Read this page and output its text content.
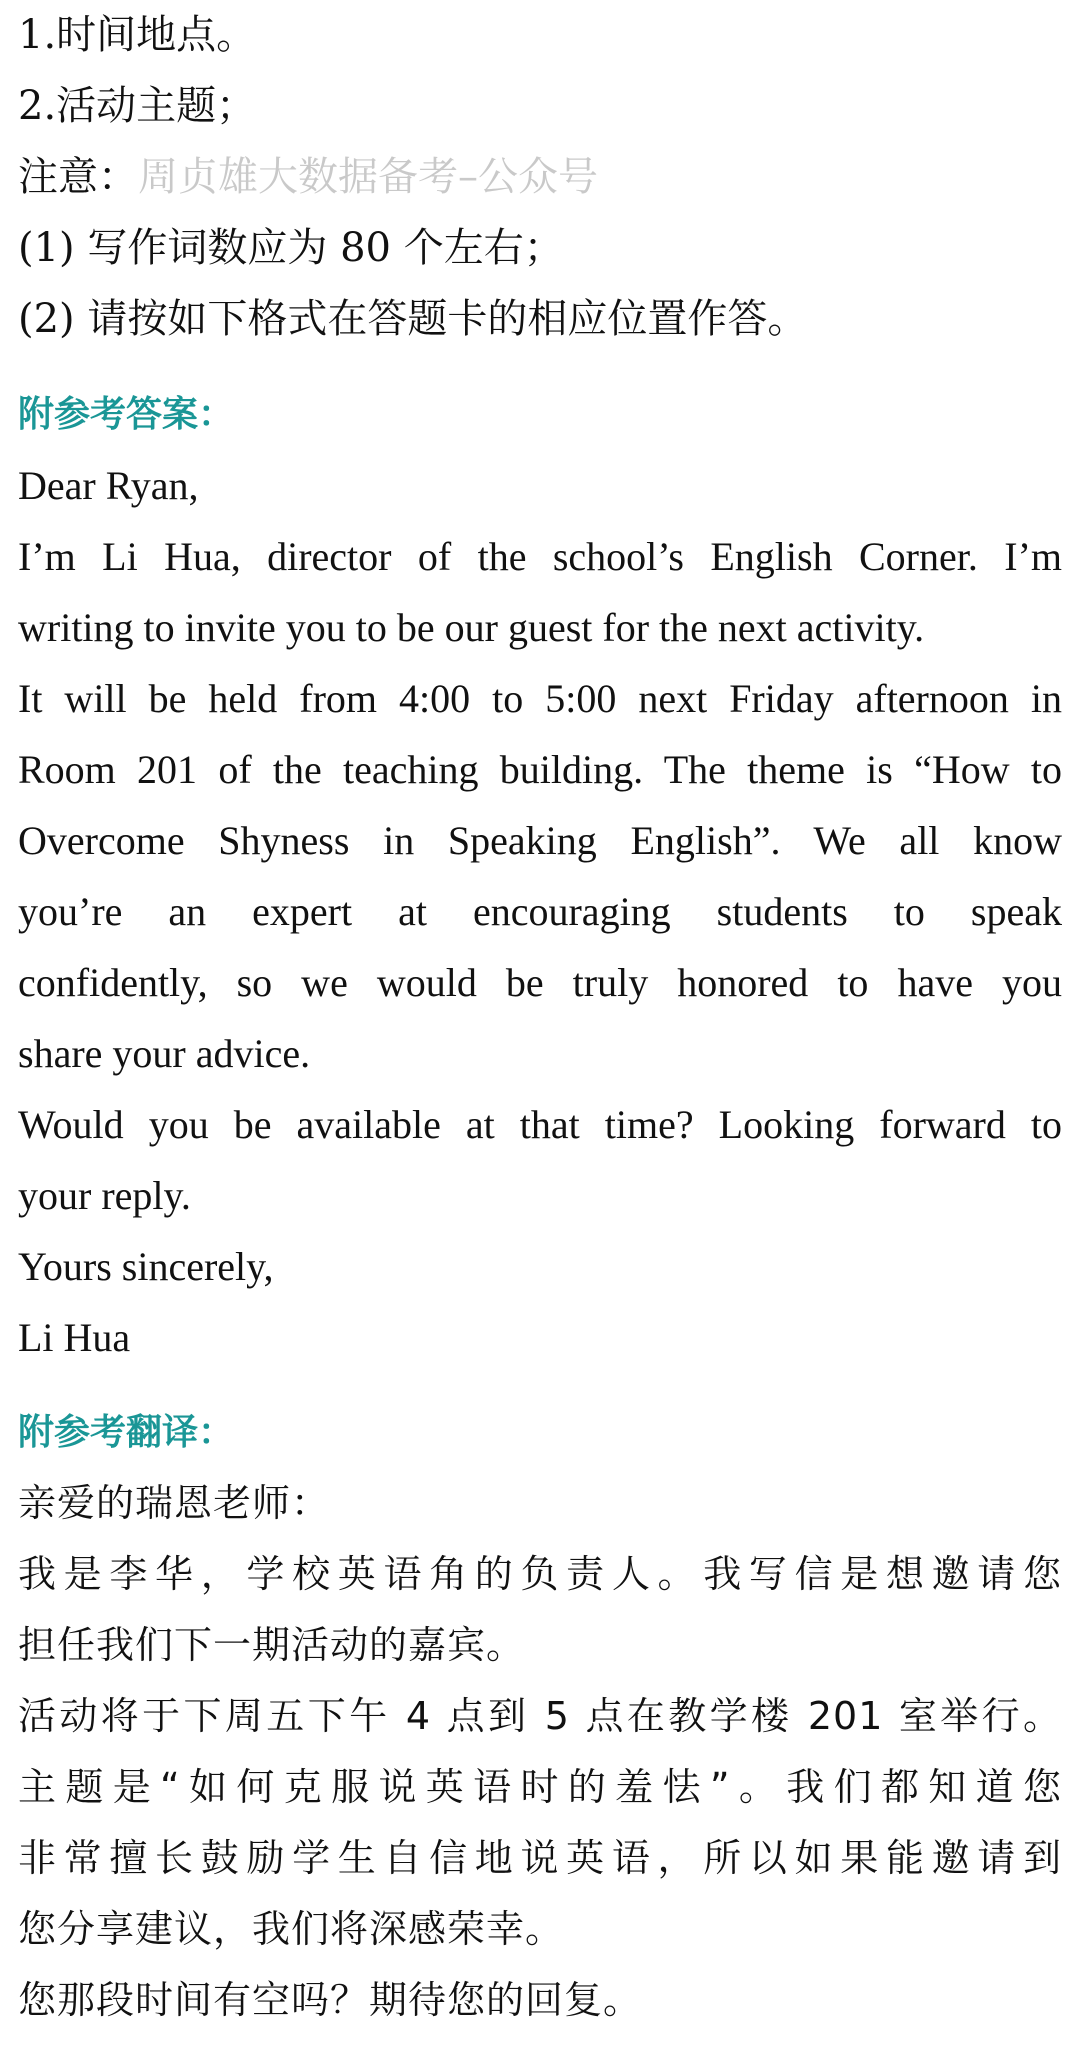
1.时间地点。
2.活动主题；
注意：周贞雄大数据备考–公众号
(1) 写作词数应为 80 个左右；
(2) 请按如下格式在答题卡的相应位置作答。
附参考答案：
Dear Ryan,
I’m Li Hua, director of the school’s English Corner. I’m
writing to invite you to be our guest for the next activity.
It will be held from 4:00 to 5:00 next Friday afternoon in
Room 201 of the teaching building. The theme is “How to
Overcome Shyness in Speaking English”. We all know
you’re an expert at encouraging students to speak
confidently, so we would be truly honored to have you
share your advice.
Would you be available at that time? Looking forward to
your reply.
Yours sincerely,
Li Hua
附参考翻译：
亲爱的瑞恩老师：
我是李华，学校英语角的负责人。我写信是想邀请您
担任我们下一期活动的嘉宾。
活动将于下周五下午 4 点到 5 点在教学楼 201 室举行。
主题是“如何克服说英语时的羞怯”。我们都知道您
非常擅长鼓励学生自信地说英语，所以如果能邀请到
您分享建议，我们将深感荣幸。
您那段时间有空吗？期待您的回复。
